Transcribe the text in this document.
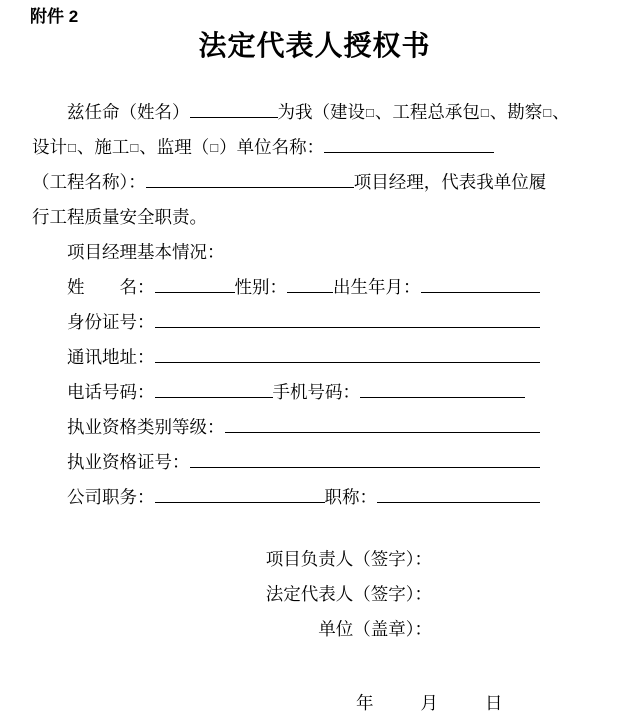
附件 2
法定代表人授权书
兹任命（姓名）	为我（建设 □ 、工程总承包 □ 、勘察 □ 、
设计 □ 、施工 □ 、监理（ □ ）单位名称：
（工程名称）：	项目经理，代表我单位履
行工程质量安全职责。
项目经理基本情况：
姓　　名：	性别：	出生年月：
身份证号：
通讯地址：
电话号码：	手机号码：
执业资格类别等级：
执业资格证号：
公司职务：	职称：
项目负责人（签字）：
法定代表人（签字）：
单位（盖章）：
年	月	日
